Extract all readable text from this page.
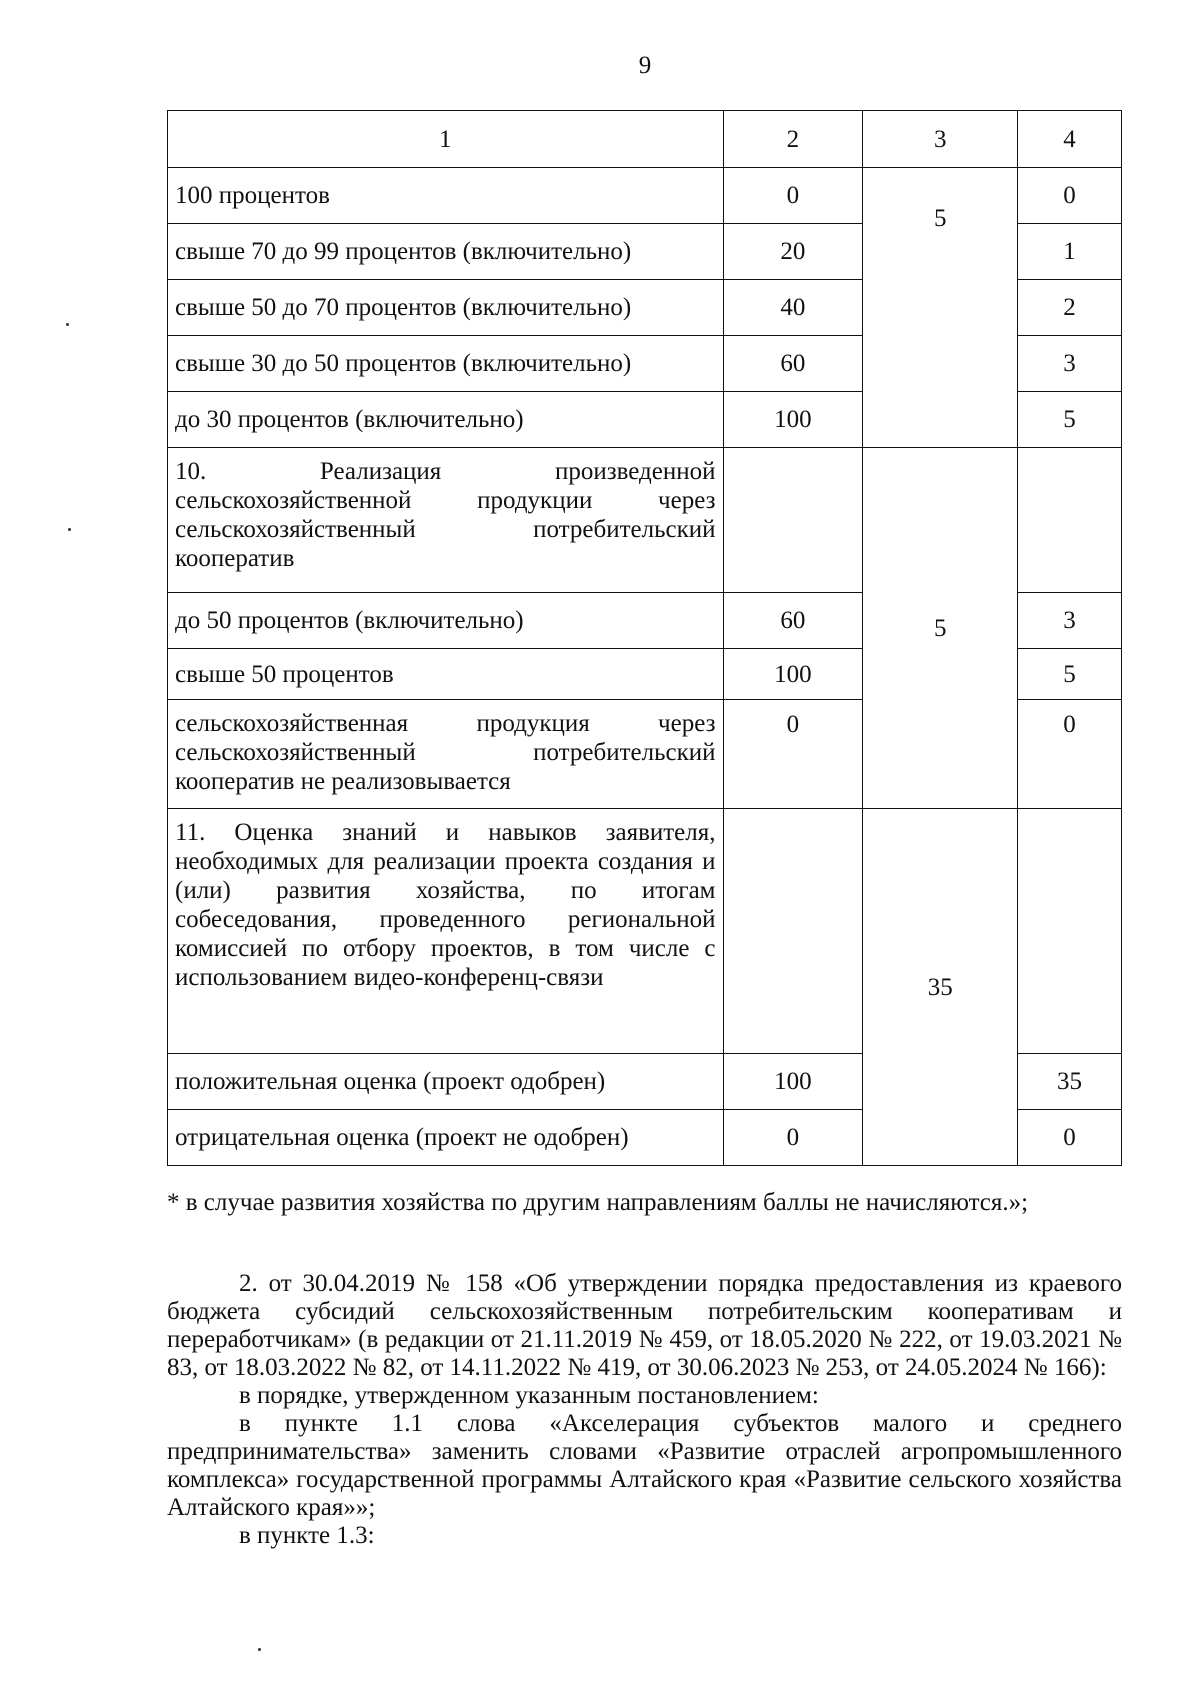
9
1	2	3	4
100 процентов	0	5	0
свыше 70 до 99 процентов (включительно)	20		1
свыше 50 до 70 процентов (включительно)	40		2
свыше 30 до 50 процентов (включительно)	60		3
до 30 процентов (включительно)	100		5
10. Реализация произведенной сельскохозяйственной продукции через сельскохозяйственный потребительский кооператив		5	
до 50 процентов (включительно)	60		3
свыше 50 процентов	100		5
сельскохозяйственная продукция через сельскохозяйственный потребительский кооператив не реализовывается	0		0
11. Оценка знаний и навыков заявителя, необходимых для реализации проекта создания и (или) развития хозяйства, по итогам собеседования, проведенного региональной комиссией по отбору проектов, в том числе с использованием видео-конференц-связи		35	
положительная оценка (проект одобрен)	100		35
отрицательная оценка (проект не одобрен)	0		0
* в случае развития хозяйства по другим направлениям баллы не начисляются.»;

2. от 30.04.2019 № 158 «Об утверждении порядка предоставления из краевого бюджета субсидий сельскохозяйственным потребительским кооперативам и переработчикам» (в редакции от 21.11.2019 № 459, от 18.05.2020 № 222, от 19.03.2021 № 83, от 18.03.2022 № 82, от 14.11.2022 № 419, от 30.06.2023 № 253, от 24.05.2024 № 166):

в порядке, утвержденном указанным постановлением:

в пункте 1.1 слова «Акселерация субъектов малого и среднего предпринимательства» заменить словами «Развитие отраслей агропромышленного комплекса» государственной программы Алтайского края «Развитие сельского хозяйства Алтайского края»»;

в пункте 1.3:
